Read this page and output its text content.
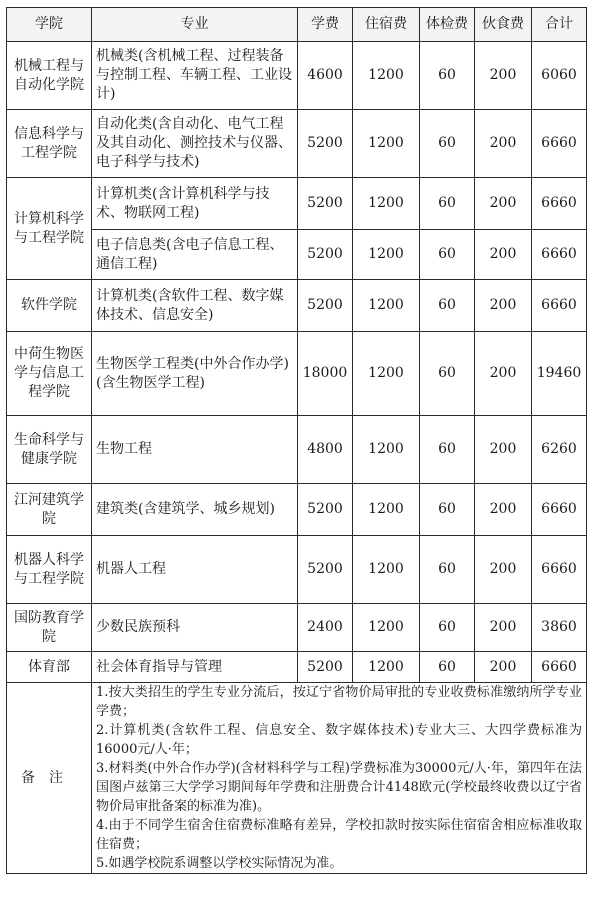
学院	专业	学费	住宿费	体检费	伙食费	合计
机械工程与自动化学院	机械类(含机械工程、过程装备与控制工程、车辆工程、工业设计)	4600	1200	60	200	6060
信息科学与工程学院	自动化类(含自动化、电气工程及其自动化、测控技术与仪器、电子科学与技术)	5200	1200	60	200	6660
计算机科学与工程学院	计算机类(含计算机科学与技术、物联网工程)	5200	1200	60	200	6660
	电子信息类(含电子信息工程、通信工程)	5200	1200	60	200	6660
软件学院	计算机类(含软件工程、数字媒体技术、信息安全)	5200	1200	60	200	6660
中荷生物医学与信息工程学院	生物医学工程类(中外合作办学)(含生物医学工程)	18000	1200	60	200	19460
生命科学与健康学院	生物工程	4800	1200	60	200	6260
江河建筑学院	建筑类(含建筑学、城乡规划)	5200	1200	60	200	6660
机器人科学与工程学院	机器人工程	5200	1200	60	200	6660
国防教育学院	少数民族预科	2400	1200	60	200	3860
体育部	社会体育指导与管理	5200	1200	60	200	6660
备注	1.按大类招生的学生专业分流后，按辽宁省物价局审批的专业收费标准缴纳所学专业学费；
2.计算机类(含软件工程、信息安全、数字媒体技术)专业大三、大四学费标准为16000元/人·年；
3.材料类(中外合作办学)(含材料科学与工程)学费标准为30000元/人·年，第四年在法国图卢兹第三大学学习期间每年学费和注册费合计4148欧元(学校最终收费以辽宁省物价局审批备案的标准为准)。
4.由于不同学生宿舍住宿费标准略有差异，学校扣款时按实际住宿宿舍相应标准收取住宿费；
5.如遇学校院系调整以学校实际情况为准。					
